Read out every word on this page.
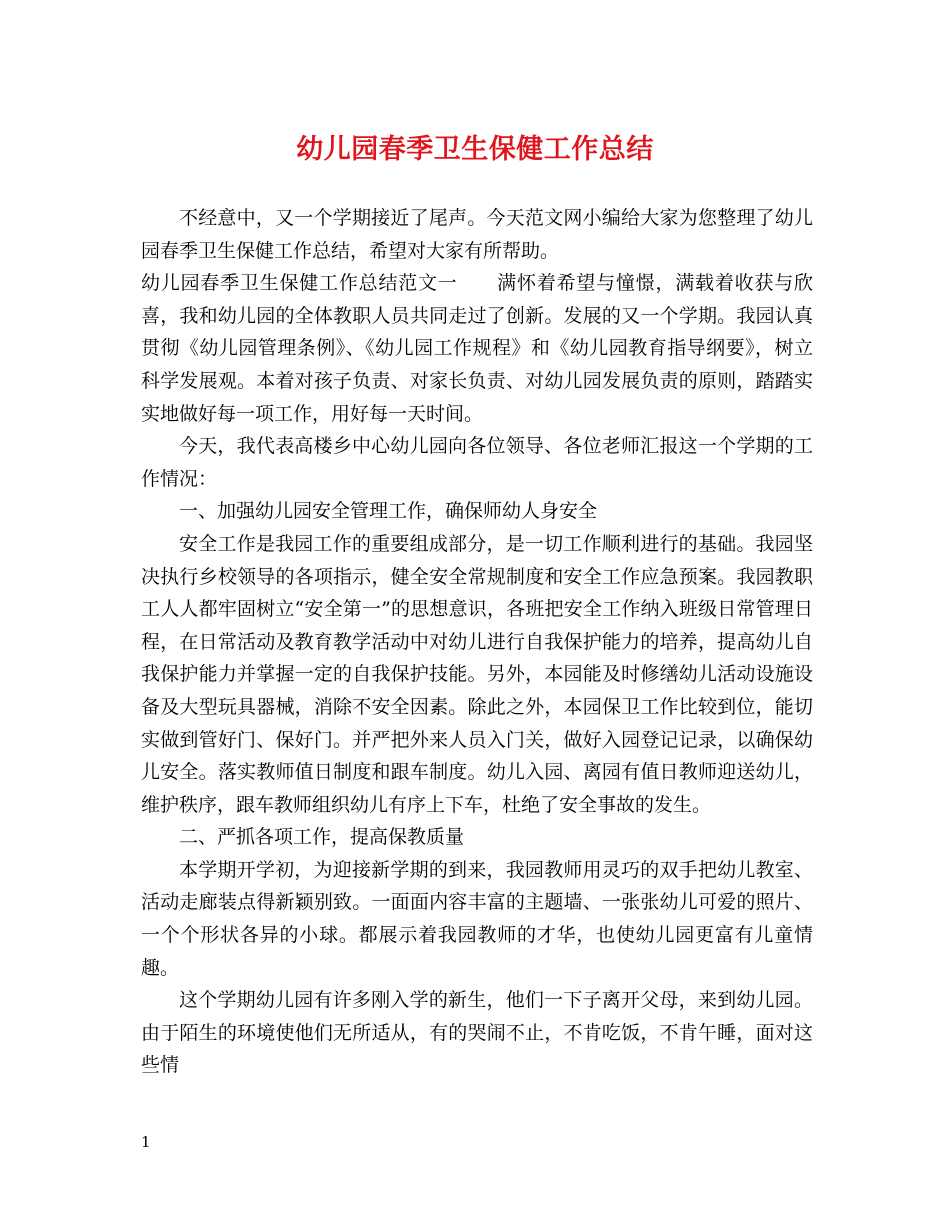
幼儿园春季卫生保健工作总结

不经意中，又一个学期接近了尾声。今天范文网小编给大家为您整理了幼儿园春季卫生保健工作总结，希望对大家有所帮助。

幼儿园春季卫生保健工作总结范文一　　满怀着希望与憧憬，满载着收获与欣喜，我和幼儿园的全体教职人员共同走过了创新。发展的又一个学期。我园认真贯彻《幼儿园管理条例》、《幼儿园工作规程》和《幼儿园教育指导纲要》，树立科学发展观。本着对孩子负责、对家长负责、对幼儿园发展负责的原则，踏踏实实地做好每一项工作，用好每一天时间。

今天，我代表高楼乡中心幼儿园向各位领导、各位老师汇报这一个学期的工作情况：

一、加强幼儿园安全管理工作，确保师幼人身安全

安全工作是我园工作的重要组成部分，是一切工作顺利进行的基础。我园坚决执行乡校领导的各项指示，健全安全常规制度和安全工作应急预案。我园教职工人人都牢固树立“安全第一”的思想意识，各班把安全工作纳入班级日常管理日程，在日常活动及教育教学活动中对幼儿进行自我保护能力的培养，提高幼儿自我保护能力并掌握一定的自我保护技能。另外，本园能及时修缮幼儿活动设施设备及大型玩具器械，消除不安全因素。除此之外，本园保卫工作比较到位，能切实做到管好门、保好门。并严把外来人员入门关，做好入园登记记录，以确保幼儿安全。落实教师值日制度和跟车制度。幼儿入园、离园有值日教师迎送幼儿，维护秩序，跟车教师组织幼儿有序上下车，杜绝了安全事故的发生。

二、严抓各项工作，提高保教质量

本学期开学初，为迎接新学期的到来，我园教师用灵巧的双手把幼儿教室、活动走廊装点得新颖别致。一面面内容丰富的主题墙、一张张幼儿可爱的照片、一个个形状各异的小球。都展示着我园教师的才华，也使幼儿园更富有儿童情趣。

这个学期幼儿园有许多刚入学的新生，他们一下子离开父母，来到幼儿园。由于陌生的环境使他们无所适从，有的哭闹不止，不肯吃饭，不肯午睡，面对这些情

1
